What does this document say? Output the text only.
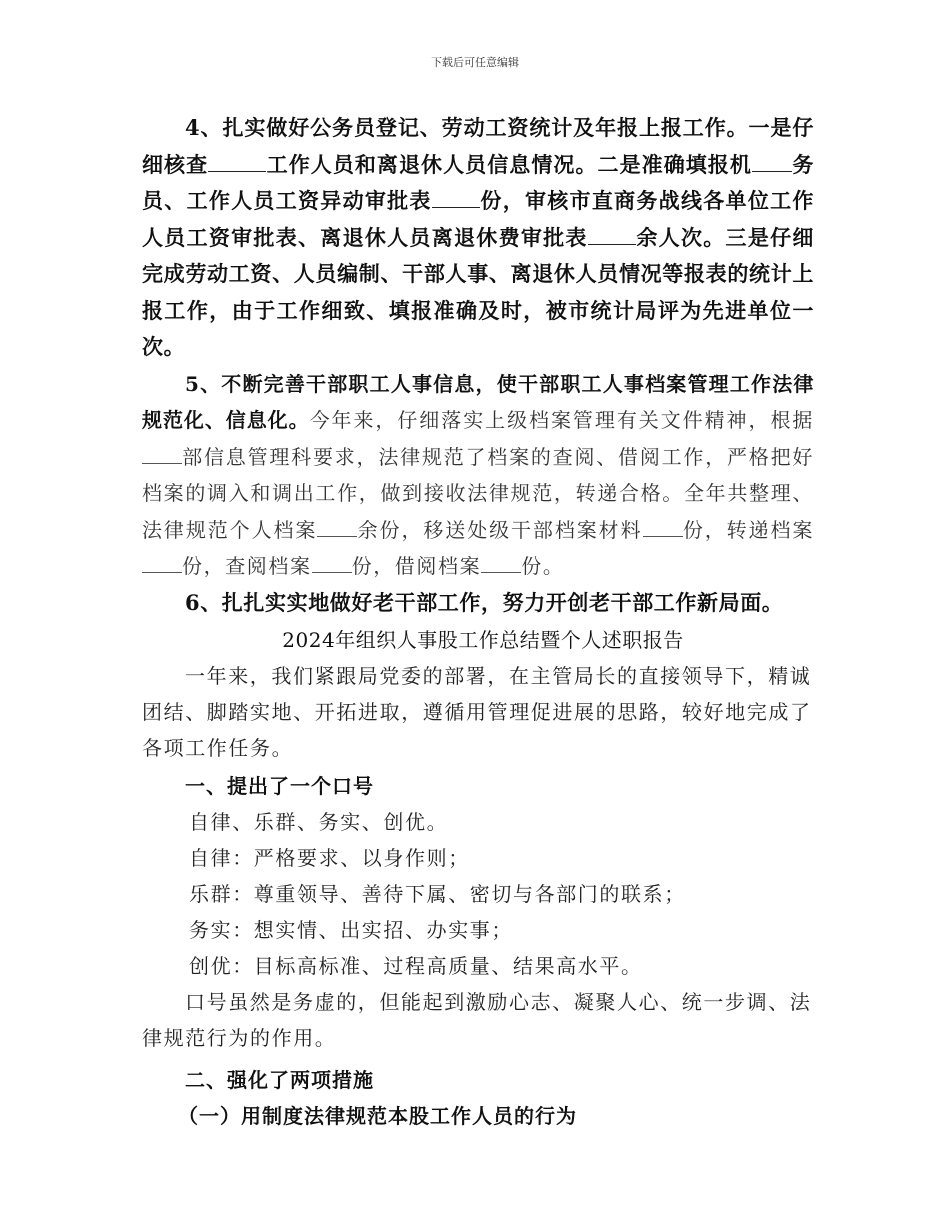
下载后可任意编辑

4、扎实做好公务员登记、劳动工资统计及年报上报工作。一是仔细核查	工作人员和离退休人员信息情况。二是准确填报机 务员、工作人员工资异动审批表 份，审核市直商务战线各单位工作人员工资审批表、离退休人员离退休费审批表 余人次。三是仔细完成劳动工资、人员编制、干部人事、离退休人员情况等报表的统计上报工作，由于工作细致、填报准确及时，被市统计局评为先进单位一次。

5、不断完善干部职工人事信息，使干部职工人事档案管理工作法律规范化、信息化。今年来，仔细落实上级档案管理有关文件精神，根据部信息管理科要求，法律规范了档案的查阅、借阅工作，严格把好档案的调入和调出工作，做到接收法律规范，转递合格。全年共整理、法律规范个人档案 余份，移送处级干部档案材料 份，转递档案份，查阅档案 份，借阅档案 份。

6、扎扎实实地做好老干部工作，努力开创老干部工作新局面。

2024年组织人事股工作总结暨个人述职报告

一年来，我们紧跟局党委的部署，在主管局长的直接领导下，精诚团结、脚踏实地、开拓进取，遵循用管理促进展的思路，较好地完成了各项工作任务。

一、提出了一个口号

自律、乐群、务实、创优。

自律：严格要求、以身作则；

乐群：尊重领导、善待下属、密切与各部门的联系；

务实：想实情、出实招、办实事；

创优：目标高标准、过程高质量、结果高水平。

口号虽然是务虚的，但能起到激励心志、凝聚人心、统一步调、法律规范行为的作用。

二、强化了两项措施
（一）用制度法律规范本股工作人员的行为
